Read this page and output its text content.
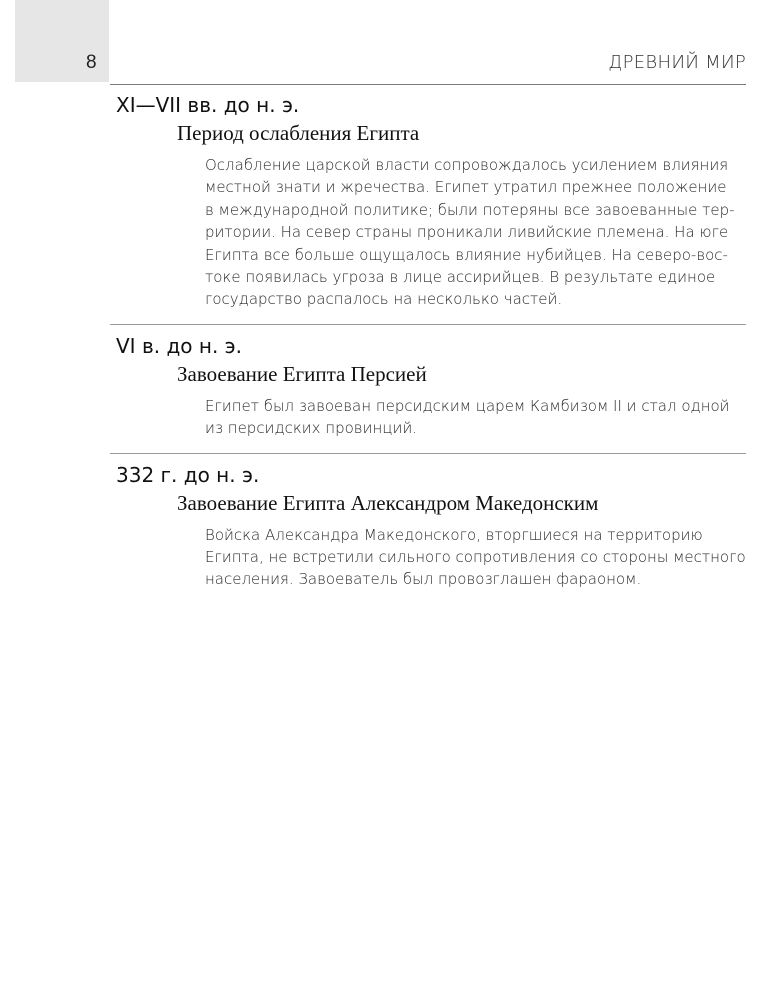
8	ДРЕВНИЙ МИР
XI—VII вв. до н. э.
Период ослабления Египта
Ослабление царской власти сопровождалось усилением влияния
местной знати и жречества. Египет утратил прежнее положение
в международной политике; были потеряны все завоеванные тер-
ритории. На север страны проникали ливийские племена. На юге
Египта все больше ощущалось влияние нубийцев. На северо-вос-
токе появилась угроза в лице ассирийцев. В результате единое
государство распалось на несколько частей.
VI в. до н. э.
Завоевание Египта Персией
Египет был завоеван персидским царем Камбизом II и стал одной
из персидских провинций.
332 г. до н. э.
Завоевание Египта Александром Македонским
Войска Александра Македонского, вторгшиеся на территорию
Египта, не встретили сильного сопротивления со стороны местного
населения. Завоеватель был провозглашен фараоном.
